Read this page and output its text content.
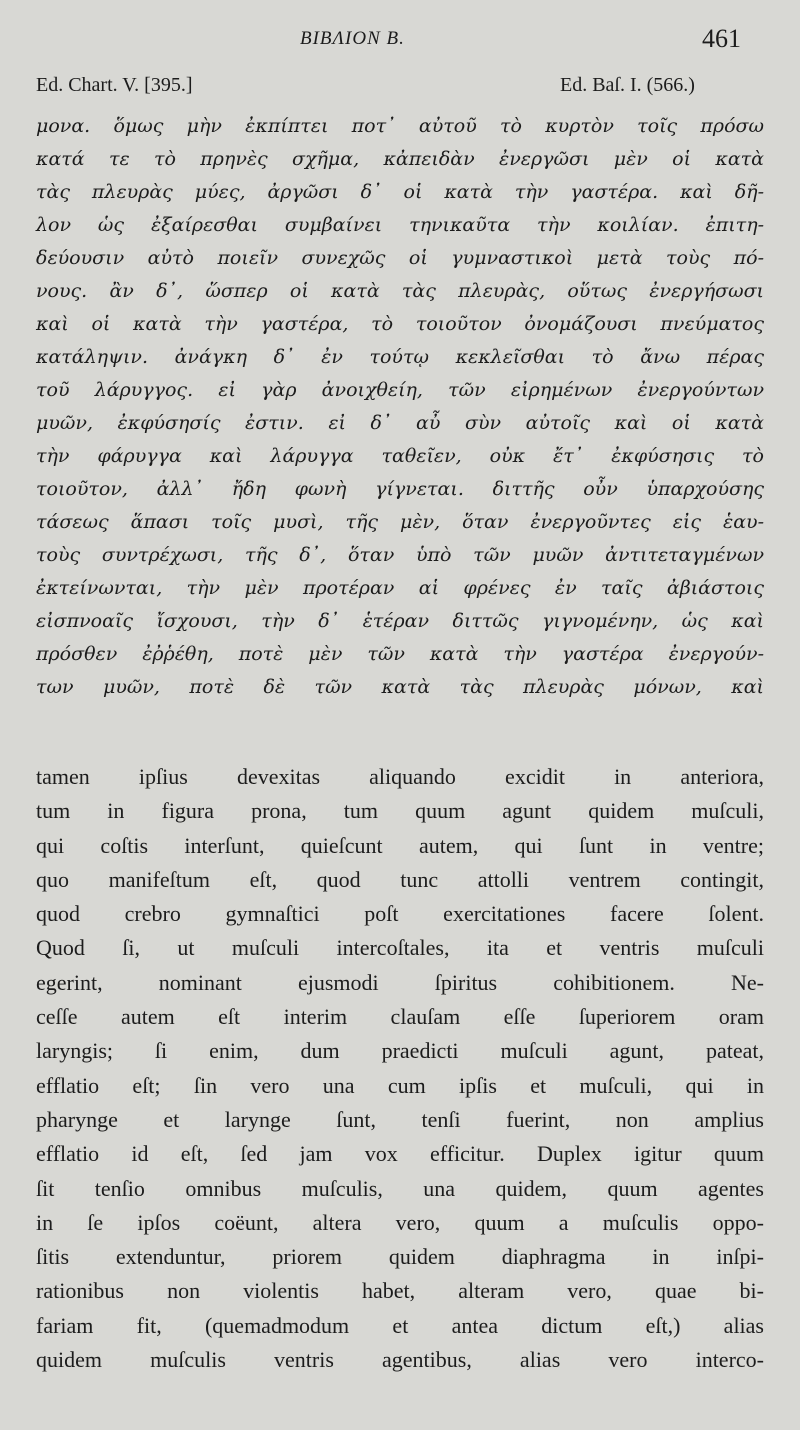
BIBΛION B.	461
Ed. Chart. V. [395.]	Ed. Baſ. I. (566.)
μονα. ὅμως μὴν ἐκπίπτει ποτ᾽ αὐτοῦ τὸ κυρτὸν τοῖς πρόσω
κατά τε τὸ πρηνὲς σχῆμα, κἀπειδὰν ἐνεργῶσι μὲν οἱ κατὰ
τὰς πλευρὰς μύες, ἀργῶσι δ᾽ οἱ κατὰ τὴν γαστέρα. καὶ δῆ-
λον ὡς ἐξαίρεσθαι συμβαίνει τηνικαῦτα τὴν κοιλίαν. ἐπιτη-
δεύουσιν αὐτὸ ποιεῖν συνεχῶς οἱ γυμναστικοὶ μετὰ τοὺς πό-
νους. ἂν δ᾽, ὥσπερ οἱ κατὰ τὰς πλευρὰς, οὕτως ἐνεργήσωσι
καὶ οἱ κατὰ τὴν γαστέρα, τὸ τοιοῦτον ὀνομάζουσι πνεύματος
κατάληψιν. ἀνάγκη δ᾽ ἐν τούτῳ κεκλεῖσθαι τὸ ἄνω πέρας
τοῦ λάρυγγος. εἰ γὰρ ἀνοιχθείη, τῶν εἰρημένων ἐνεργούντων
μυῶν, ἐκφύσησίς ἐστιν. εἰ δ᾽ αὖ σὺν αὐτοῖς καὶ οἱ κατὰ
τὴν φάρυγγα καὶ λάρυγγα ταθεῖεν, οὐκ ἔτ᾽ ἐκφύσησις τὸ
τοιοῦτον, ἀλλ᾽ ἤδη φωνὴ γίγνεται. διττῆς οὖν ὑπαρχούσης
τάσεως ἅπασι τοῖς μυσὶ, τῆς μὲν, ὅταν ἐνεργοῦντες εἰς ἑαυ-
τοὺς συντρέχωσι, τῆς δ᾽, ὅταν ὑπὸ τῶν μυῶν ἀντιτεταγμένων
ἐκτείνωνται, τὴν μὲν προτέραν αἱ φρένες ἐν ταῖς ἀβιάστοις
εἰσπνοαῖς ἴσχουσι, τὴν δ᾽ ἑτέραν διττῶς γιγνομένην, ὡς καὶ
πρόσθεν ἐῤῥέθη, ποτὲ μὲν τῶν κατὰ τὴν γαστέρα ἐνεργούν-
των μυῶν, ποτὲ δὲ τῶν κατὰ τὰς πλευρὰς μόνων, καὶ
tamen ipſius devexitas aliquando excidit in anteriora,
tum in figura prona, tum quum agunt quidem muſculi,
qui coſtis interſunt, quieſcunt autem, qui ſunt in ventre;
quo manifeſtum eſt, quod tunc attolli ventrem contingit,
quod crebro gymnaſtici poſt exercitationes facere ſolent.
Quod ſi, ut muſculi intercoſtales, ita et ventris muſculi
egerint, nominant ejusmodi ſpiritus cohibitionem. Ne-
ceſſe autem eſt interim clauſam eſſe ſuperiorem oram
laryngis; ſi enim, dum praedicti muſculi agunt, pateat,
efflatio eſt; ſin vero una cum ipſis et muſculi, qui in
pharynge et larynge ſunt, tenſi fuerint, non amplius
efflatio id eſt, ſed jam vox efficitur. Duplex igitur quum
ſit tenſio omnibus muſculis, una quidem, quum agentes
in ſe ipſos coëunt, altera vero, quum a muſculis oppo-
ſitis extenduntur, priorem quidem diaphragma in inſpi-
rationibus non violentis habet, alteram vero, quae bi-
fariam fit, (quemadmodum et antea dictum eſt,) alias
quidem muſculis ventris agentibus, alias vero interco-
